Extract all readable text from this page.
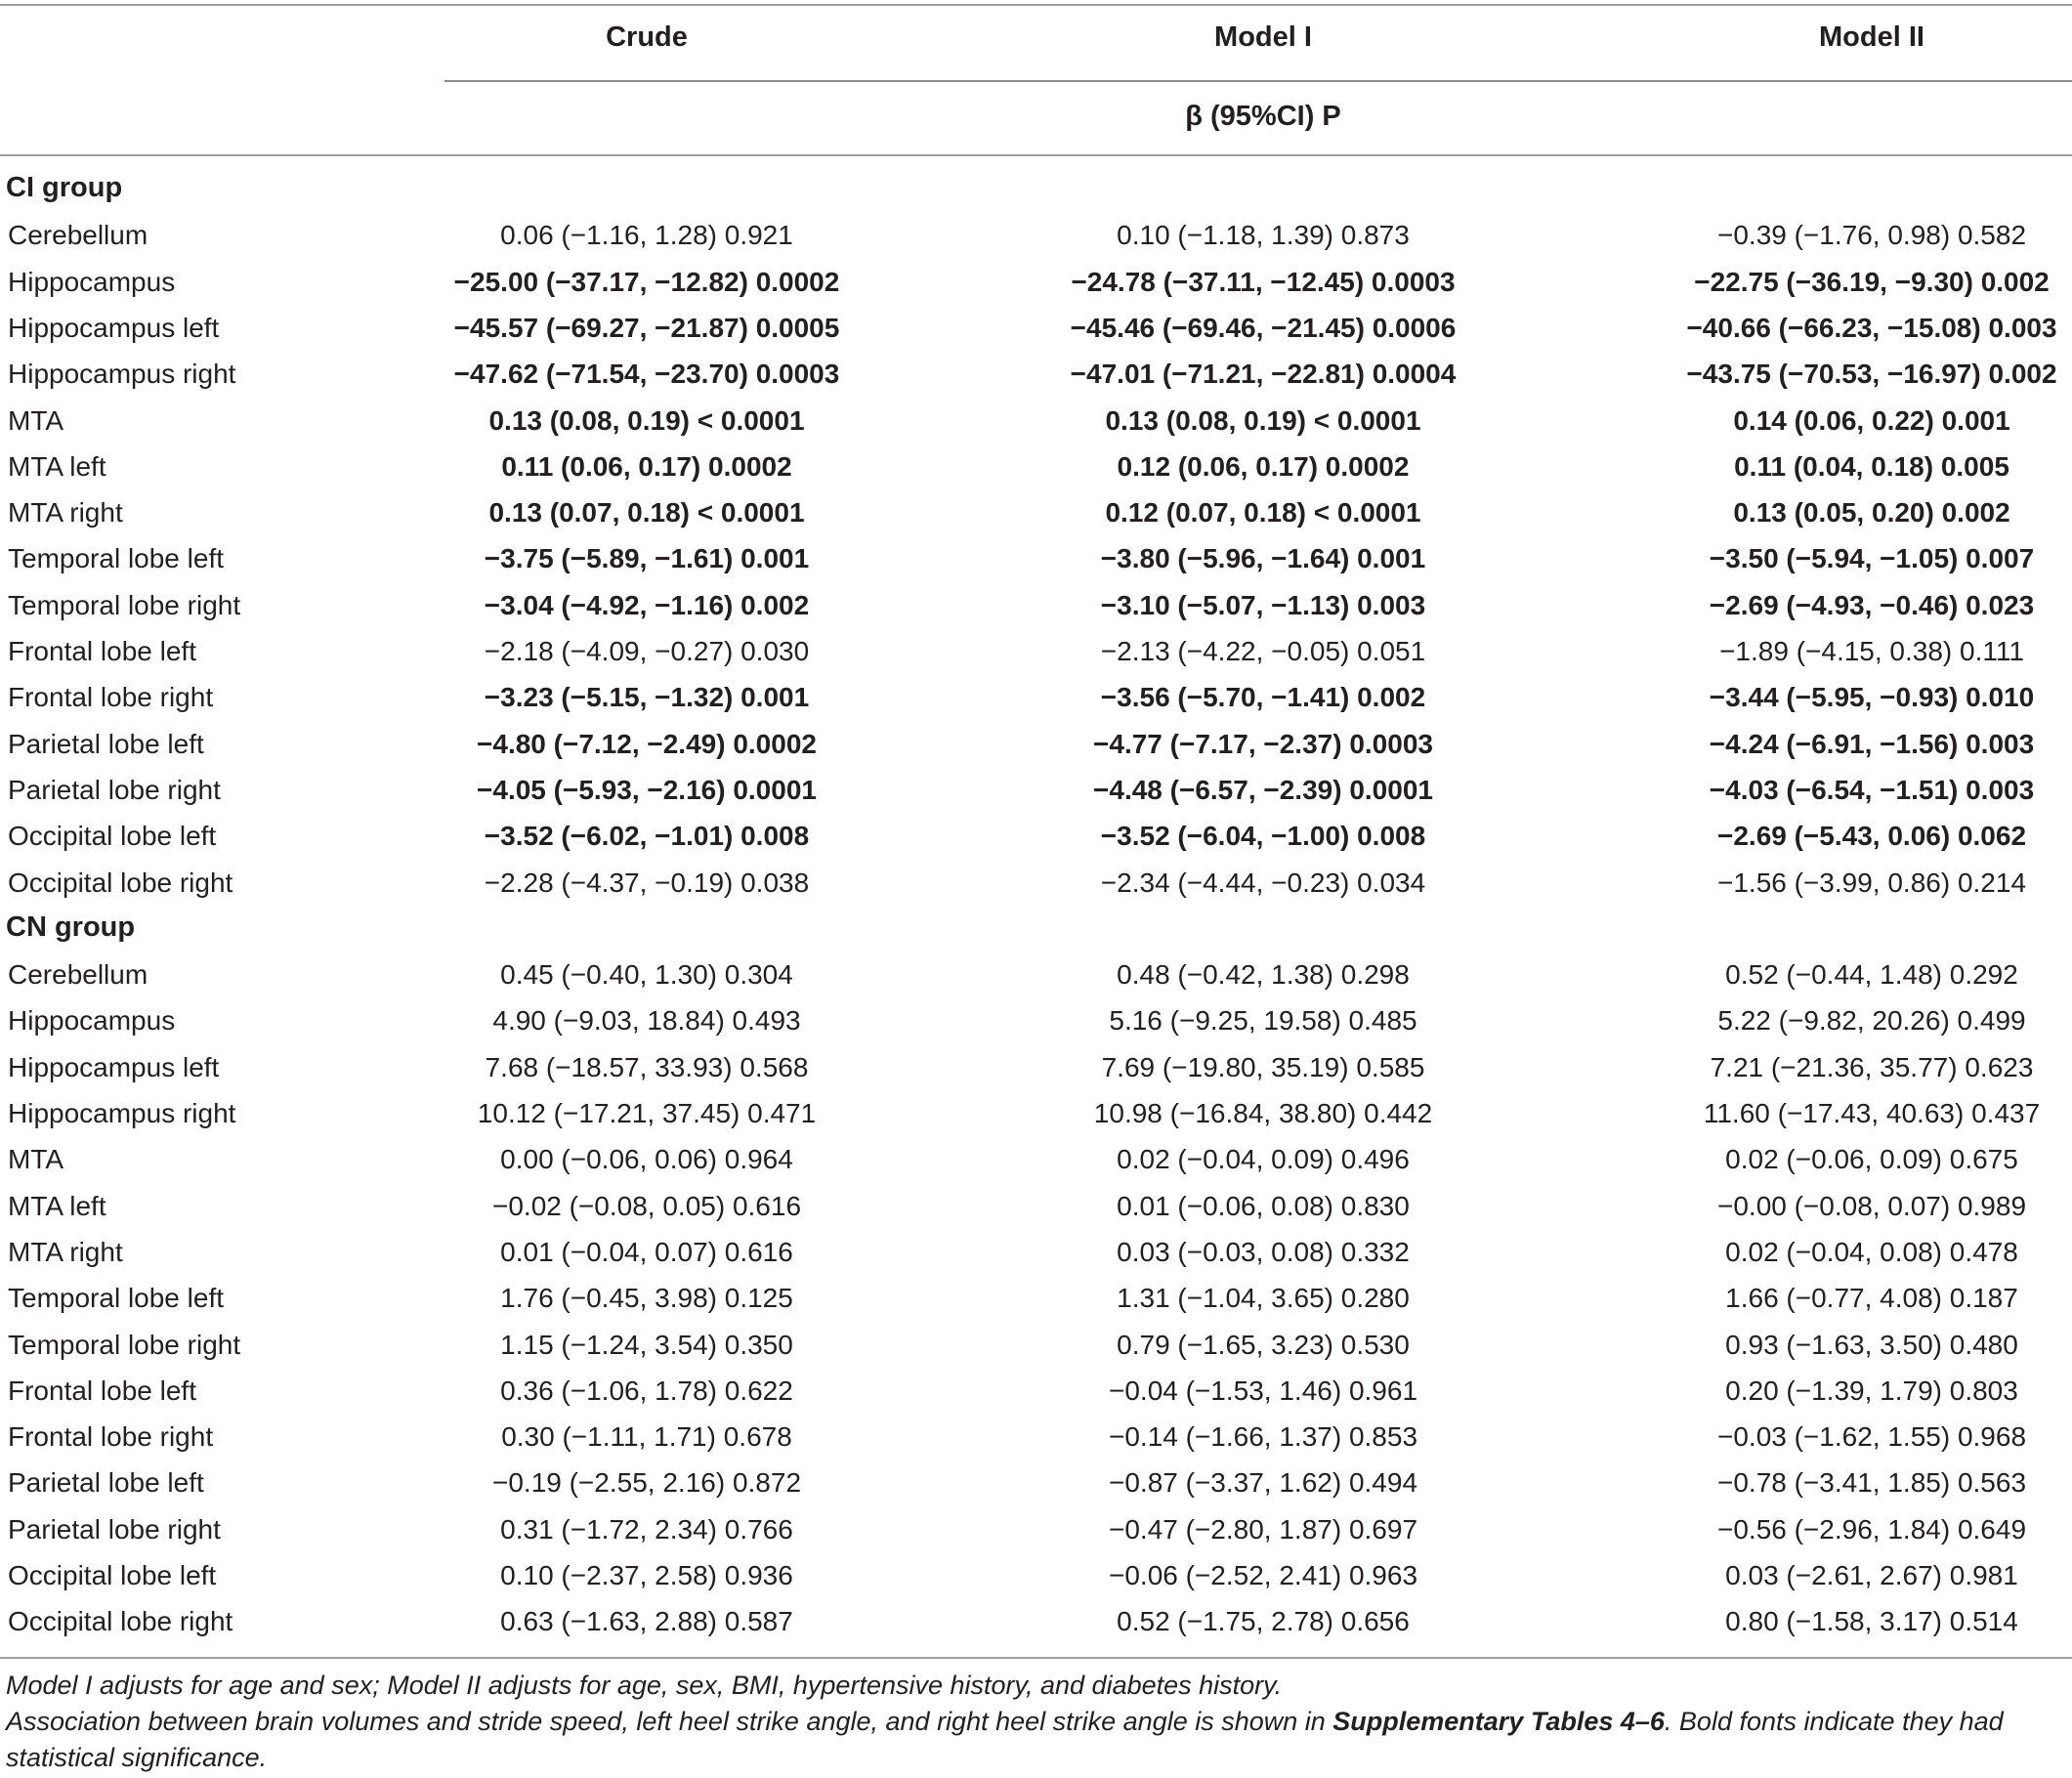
Crude	Model I	Model II
β (95%CI) P
CI group
Cerebellum	0.06 (−1.16, 1.28) 0.921	0.10 (−1.18, 1.39) 0.873	−0.39 (−1.76, 0.98) 0.582
Hippocampus	−25.00 (−37.17, −12.82) 0.0002	−24.78 (−37.11, −12.45) 0.0003	−22.75 (−36.19, −9.30) 0.002
Hippocampus left	−45.57 (−69.27, −21.87) 0.0005	−45.46 (−69.46, −21.45) 0.0006	−40.66 (−66.23, −15.08) 0.003
Hippocampus right	−47.62 (−71.54, −23.70) 0.0003	−47.01 (−71.21, −22.81) 0.0004	−43.75 (−70.53, −16.97) 0.002
MTA	0.13 (0.08, 0.19) < 0.0001	0.13 (0.08, 0.19) < 0.0001	0.14 (0.06, 0.22) 0.001
MTA left	0.11 (0.06, 0.17) 0.0002	0.12 (0.06, 0.17) 0.0002	0.11 (0.04, 0.18) 0.005
MTA right	0.13 (0.07, 0.18) < 0.0001	0.12 (0.07, 0.18) < 0.0001	0.13 (0.05, 0.20) 0.002
Temporal lobe left	−3.75 (−5.89, −1.61) 0.001	−3.80 (−5.96, −1.64) 0.001	−3.50 (−5.94, −1.05) 0.007
Temporal lobe right	−3.04 (−4.92, −1.16) 0.002	−3.10 (−5.07, −1.13) 0.003	−2.69 (−4.93, −0.46) 0.023
Frontal lobe left	−2.18 (−4.09, −0.27) 0.030	−2.13 (−4.22, −0.05) 0.051	−1.89 (−4.15, 0.38) 0.111
Frontal lobe right	−3.23 (−5.15, −1.32) 0.001	−3.56 (−5.70, −1.41) 0.002	−3.44 (−5.95, −0.93) 0.010
Parietal lobe left	−4.80 (−7.12, −2.49) 0.0002	−4.77 (−7.17, −2.37) 0.0003	−4.24 (−6.91, −1.56) 0.003
Parietal lobe right	−4.05 (−5.93, −2.16) 0.0001	−4.48 (−6.57, −2.39) 0.0001	−4.03 (−6.54, −1.51) 0.003
Occipital lobe left	−3.52 (−6.02, −1.01) 0.008	−3.52 (−6.04, −1.00) 0.008	−2.69 (−5.43, 0.06) 0.062
Occipital lobe right	−2.28 (−4.37, −0.19) 0.038	−2.34 (−4.44, −0.23) 0.034	−1.56 (−3.99, 0.86) 0.214
CN group
Cerebellum	0.45 (−0.40, 1.30) 0.304	0.48 (−0.42, 1.38) 0.298	0.52 (−0.44, 1.48) 0.292
Hippocampus	4.90 (−9.03, 18.84) 0.493	5.16 (−9.25, 19.58) 0.485	5.22 (−9.82, 20.26) 0.499
Hippocampus left	7.68 (−18.57, 33.93) 0.568	7.69 (−19.80, 35.19) 0.585	7.21 (−21.36, 35.77) 0.623
Hippocampus right	10.12 (−17.21, 37.45) 0.471	10.98 (−16.84, 38.80) 0.442	11.60 (−17.43, 40.63) 0.437
MTA	0.00 (−0.06, 0.06) 0.964	0.02 (−0.04, 0.09) 0.496	0.02 (−0.06, 0.09) 0.675
MTA left	−0.02 (−0.08, 0.05) 0.616	0.01 (−0.06, 0.08) 0.830	−0.00 (−0.08, 0.07) 0.989
MTA right	0.01 (−0.04, 0.07) 0.616	0.03 (−0.03, 0.08) 0.332	0.02 (−0.04, 0.08) 0.478
Temporal lobe left	1.76 (−0.45, 3.98) 0.125	1.31 (−1.04, 3.65) 0.280	1.66 (−0.77, 4.08) 0.187
Temporal lobe right	1.15 (−1.24, 3.54) 0.350	0.79 (−1.65, 3.23) 0.530	0.93 (−1.63, 3.50) 0.480
Frontal lobe left	0.36 (−1.06, 1.78) 0.622	−0.04 (−1.53, 1.46) 0.961	0.20 (−1.39, 1.79) 0.803
Frontal lobe right	0.30 (−1.11, 1.71) 0.678	−0.14 (−1.66, 1.37) 0.853	−0.03 (−1.62, 1.55) 0.968
Parietal lobe left	−0.19 (−2.55, 2.16) 0.872	−0.87 (−3.37, 1.62) 0.494	−0.78 (−3.41, 1.85) 0.563
Parietal lobe right	0.31 (−1.72, 2.34) 0.766	−0.47 (−2.80, 1.87) 0.697	−0.56 (−2.96, 1.84) 0.649
Occipital lobe left	0.10 (−2.37, 2.58) 0.936	−0.06 (−2.52, 2.41) 0.963	0.03 (−2.61, 2.67) 0.981
Occipital lobe right	0.63 (−1.63, 2.88) 0.587	0.52 (−1.75, 2.78) 0.656	0.80 (−1.58, 3.17) 0.514
Model I adjusts for age and sex; Model II adjusts for age, sex, BMI, hypertensive history, and diabetes history.
Association between brain volumes and stride speed, left heel strike angle, and right heel strike angle is shown in Supplementary Tables 4–6. Bold fonts indicate they had statistical significance.
